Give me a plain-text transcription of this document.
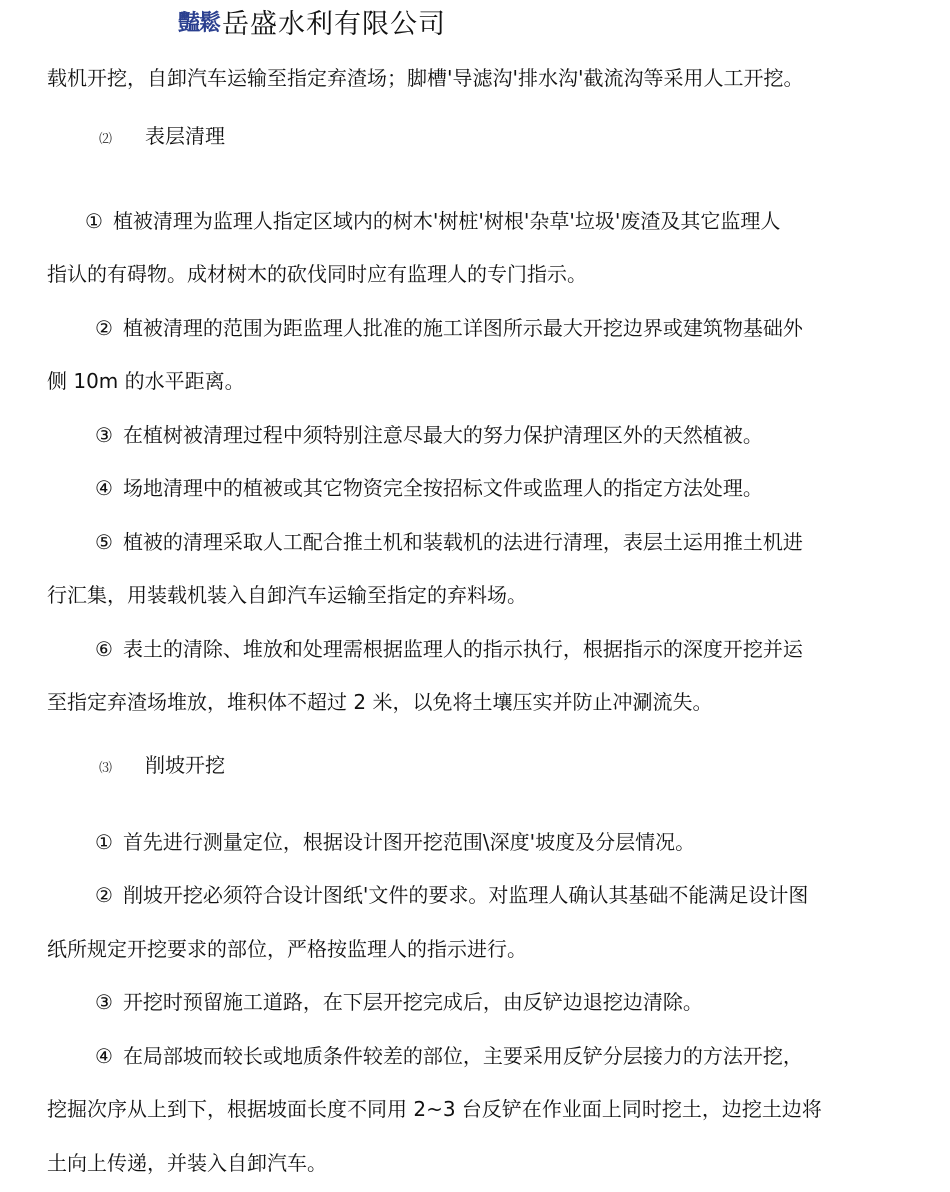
豔鬆 岳盛水利有限公司

载机开挖，自卸汽车运输至指定弃渣场；脚槽'导滤沟'排水沟'截流沟等采用人工开挖。

⑵ 表层清理

① 植被清理为监理人指定区域内的树木'树桩'树根'杂草'垃圾'废渣及其它监理人

指认的有碍物。成材树木的砍伐同时应有监理人的专门指示。

② 植被清理的范围为距监理人批准的施工详图所示最大开挖边界或建筑物基础外

侧 10m 的水平距离。

③ 在植树被清理过程中须特别注意尽最大的努力保护清理区外的天然植被。

④ 场地清理中的植被或其它物资完全按招标文件或监理人的指定方法处理。

⑤ 植被的清理采取人工配合推土机和装载机的法进行清理，表层土运用推土机进

行汇集，用装载机装入自卸汽车运输至指定的弃料场。

⑥ 表土的清除、堆放和处理需根据监理人的指示执行，根据指示的深度开挖并运

至指定弃渣场堆放，堆积体不超过 2 米，以免将土壤压实并防止冲涮流失。

⑶ 削坡开挖

① 首先进行测量定位，根据设计图开挖范围\深度'坡度及分层情况。

② 削坡开挖必须符合设计图纸'文件的要求。对监理人确认其基础不能满足设计图

纸所规定开挖要求的部位，严格按监理人的指示进行。

③ 开挖时预留施工道路，在下层开挖完成后，由反铲边退挖边清除。

④ 在局部坡而较长或地质条件较差的部位，主要采用反铲分层接力的方法开挖，

挖掘次序从上到下，根据坡面长度不同用 2~3 台反铲在作业面上同时挖土，边挖土边将

土向上传递，并装入自卸汽车。
